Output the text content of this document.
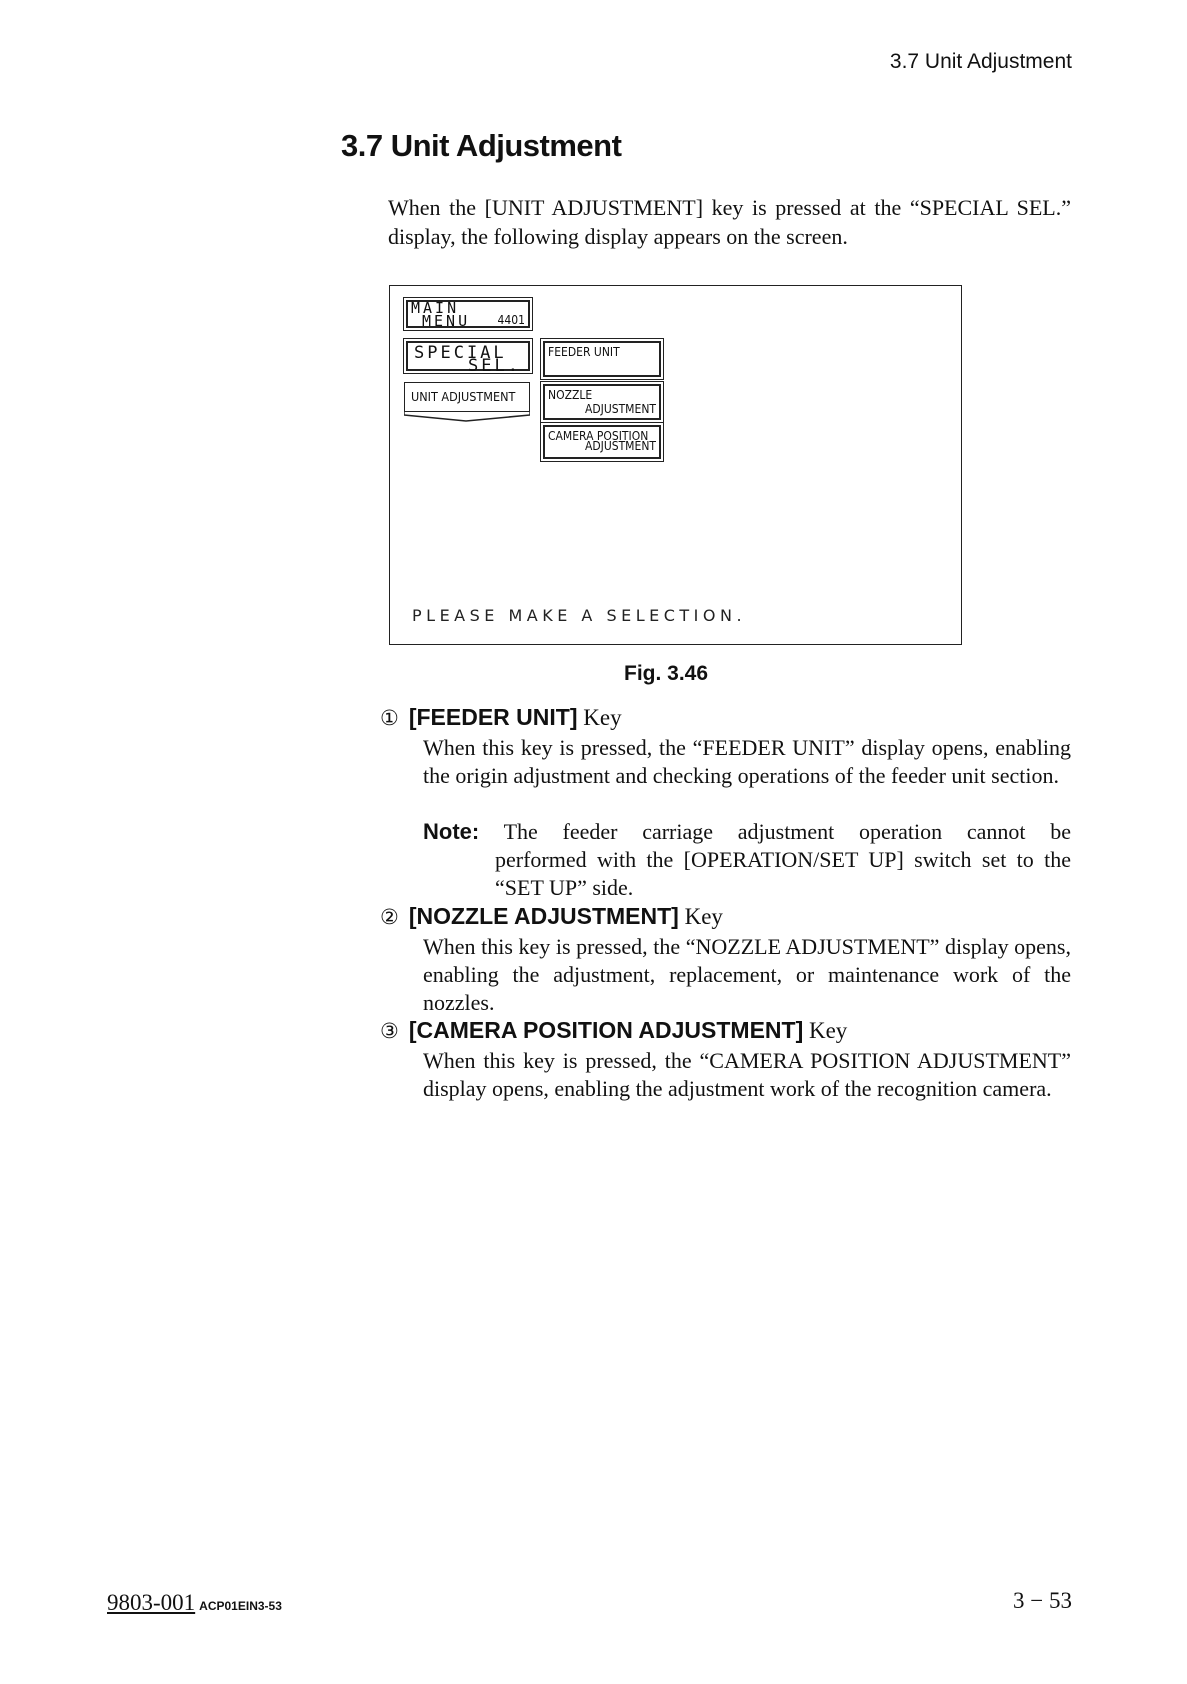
3.7 Unit Adjustment
3.7 Unit Adjustment
When the [UNIT ADJUSTMENT] key is pressed at the “SPECIAL SEL.” display, the following display appears on the screen.
MAIN
MENU 4401
SPECIAL
SEL.
UNIT ADJUSTMENT
FEEDER UNIT
NOZZLE
ADJUSTMENT
CAMERA POSITION
ADJUSTMENT
PLEASE MAKE A SELECTION.
Fig. 3.46
① [FEEDER UNIT] Key
When this key is pressed, the “FEEDER UNIT” display opens, enabling the origin adjustment and checking operations of the feeder unit section.
Note: The feeder carriage adjustment operation cannot be
performed with the [OPERATION/SET UP] switch set to the “SET UP” side.
② [NOZZLE ADJUSTMENT] Key
When this key is pressed, the “NOZZLE ADJUSTMENT” display opens, enabling the adjustment, replacement, or maintenance work of the nozzles.
③ [CAMERA POSITION ADJUSTMENT] Key
When this key is pressed, the “CAMERA POSITION ADJUSTMENT” display opens, enabling the adjustment work of the recognition camera.
9803-001 ACP01EIN3-53	3 − 53
